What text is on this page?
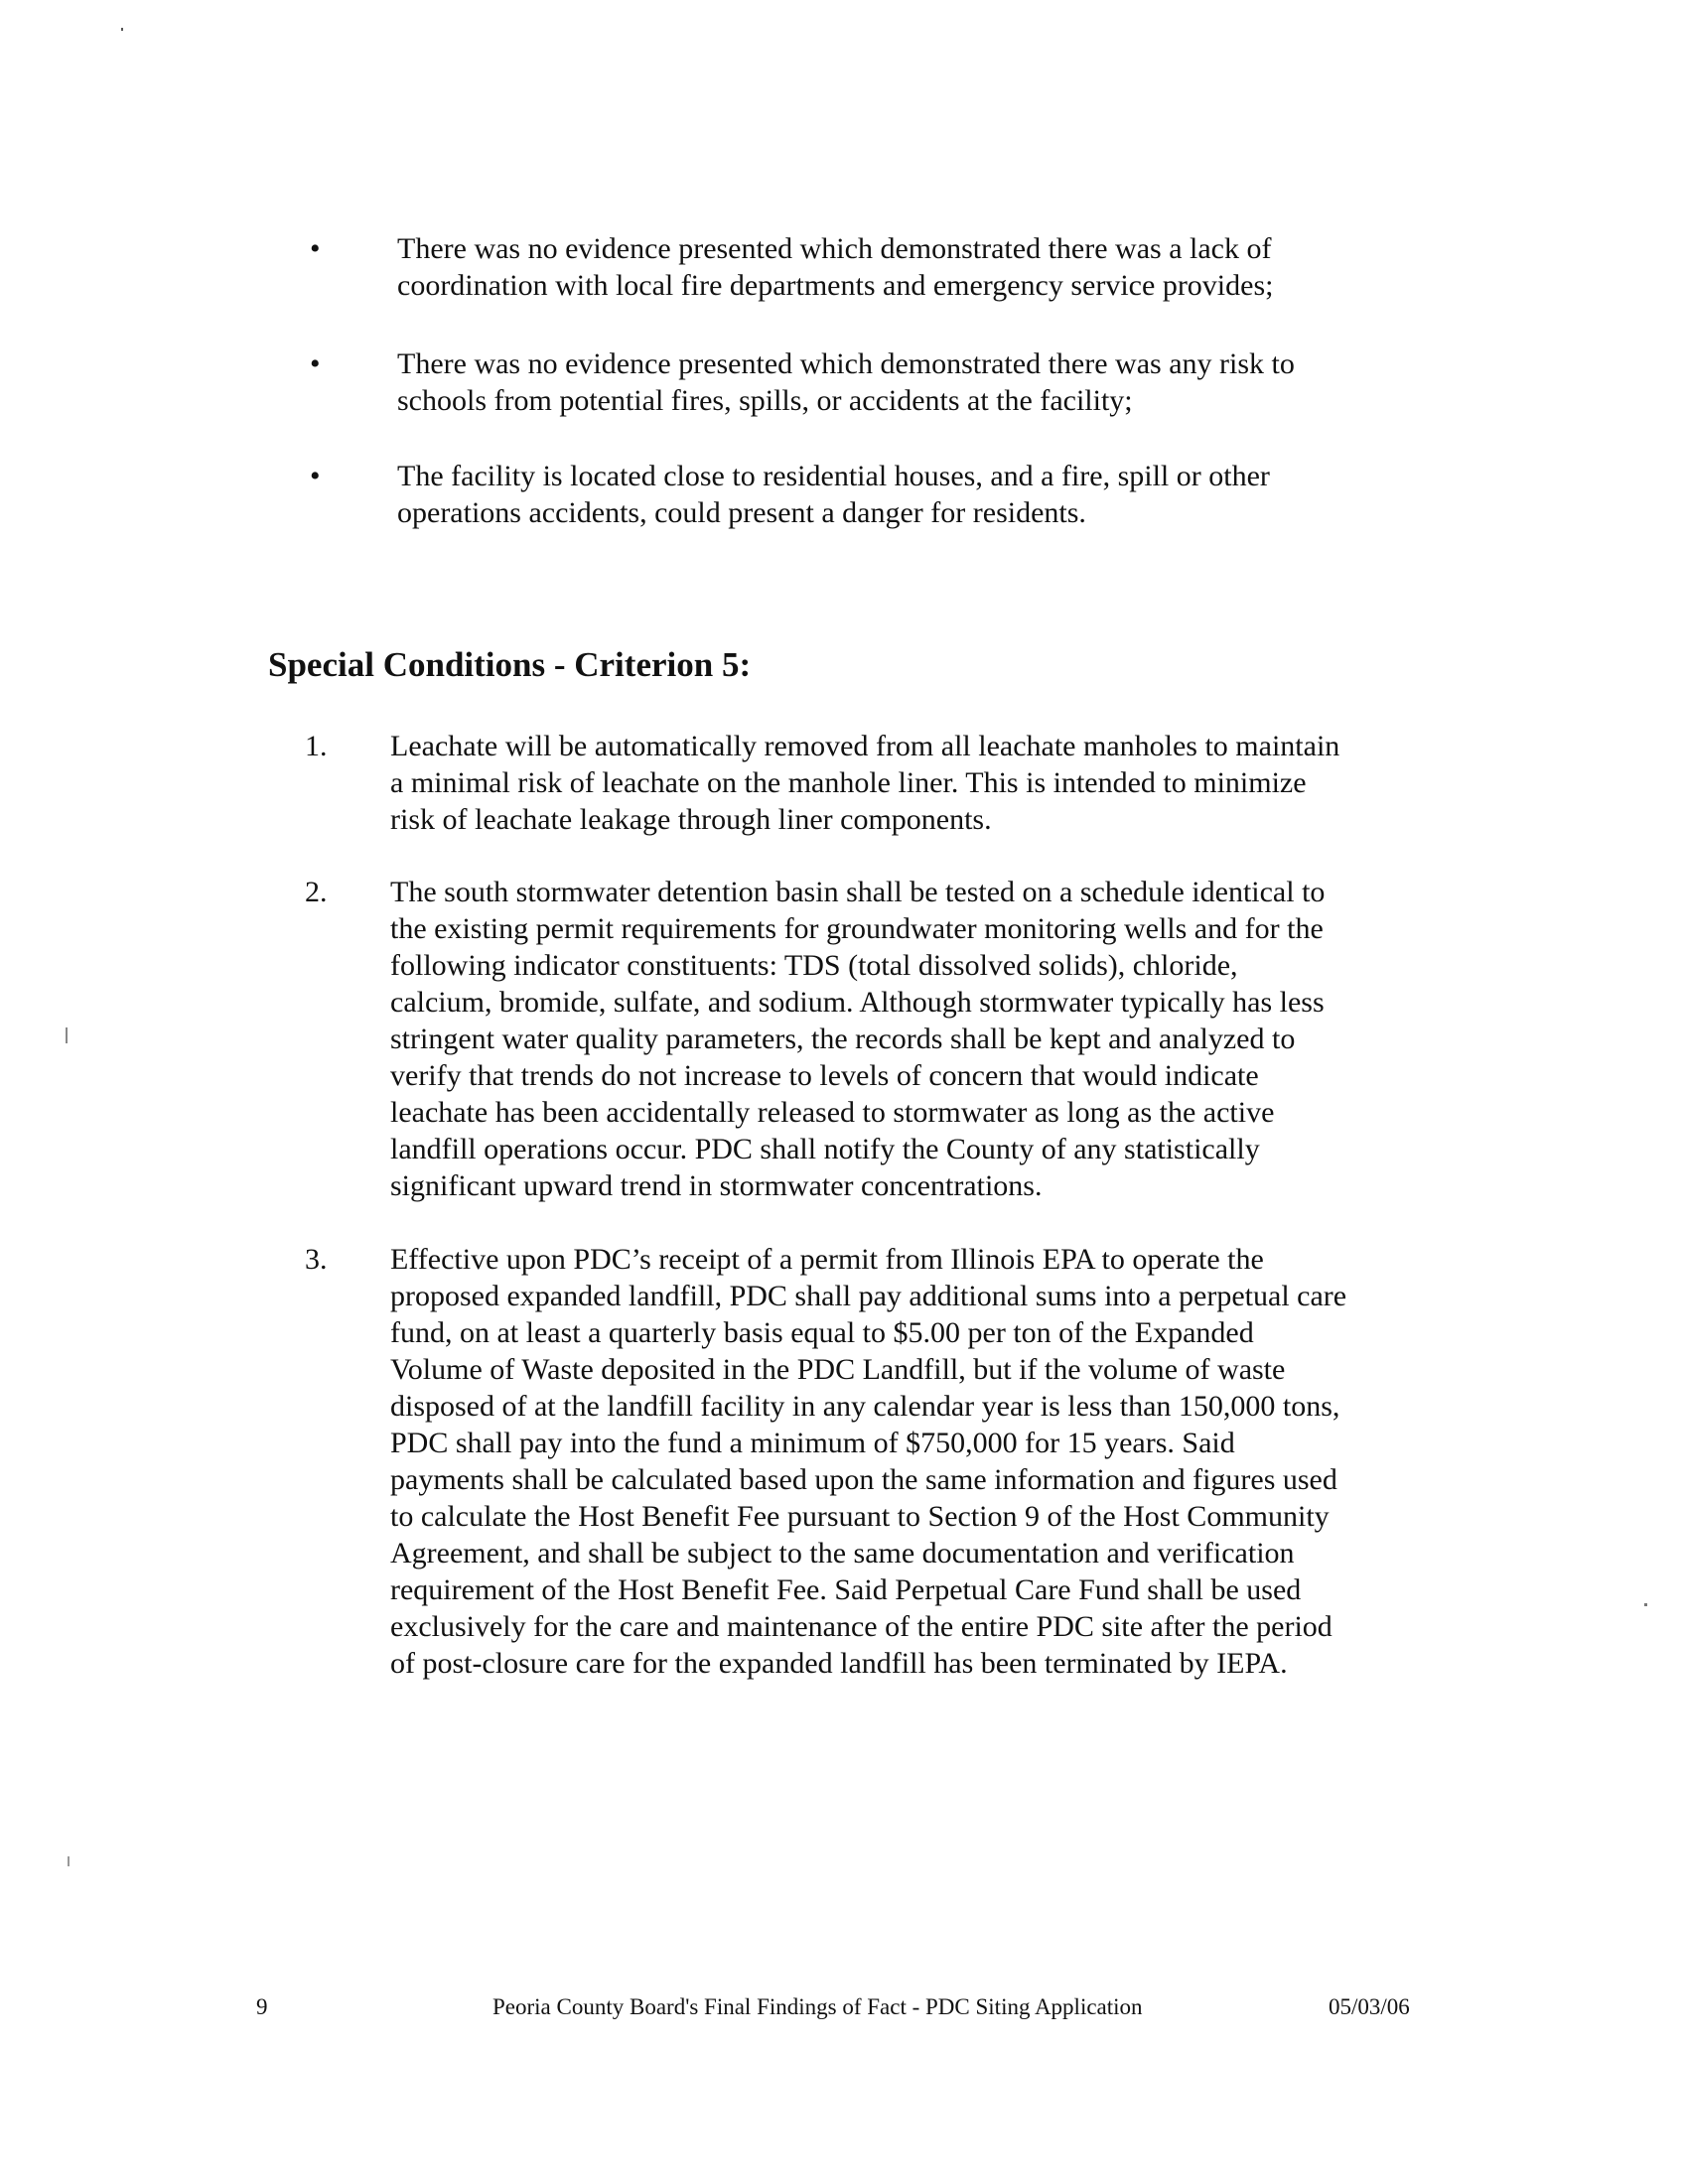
•	There was no evidence presented which demonstrated there was a lack of
coordination with local fire departments and emergency service provides;

•	There was no evidence presented which demonstrated there was any risk to
schools from potential fires, spills, or accidents at the facility;

•	The facility is located close to residential houses, and a fire, spill or other
operations accidents, could present a danger for residents.

Special Conditions - Criterion 5:
1. Leachate will be automatically removed from all leachate manholes to maintain
a minimal risk of leachate on the manhole liner. This is intended to minimize
risk of leachate leakage through liner components.

2. The south stormwater detention basin shall be tested on a schedule identical to
the existing permit requirements for groundwater monitoring wells and for the
following indicator constituents: TDS (total dissolved solids), chloride,
calcium, bromide, sulfate, and sodium. Although stormwater typically has less
stringent water quality parameters, the records shall be kept and analyzed to
verify that trends do not increase to levels of concern that would indicate
leachate has been accidentally released to stormwater as long as the active
landfill operations occur. PDC shall notify the County of any statistically
significant upward trend in stormwater concentrations.

3. Effective upon PDC’s receipt of a permit from Illinois EPA to operate the
proposed expanded landfill, PDC shall pay additional sums into a perpetual care
fund, on at least a quarterly basis equal to $5.00 per ton of the Expanded
Volume of Waste deposited in the PDC Landfill, but if the volume of waste
disposed of at the landfill facility in any calendar year is less than 150,000 tons,
PDC shall pay into the fund a minimum of $750,000 for 15 years. Said
payments shall be calculated based upon the same information and figures used
to calculate the Host Benefit Fee pursuant to Section 9 of the Host Community
Agreement, and shall be subject to the same documentation and verification
requirement of the Host Benefit Fee. Said Perpetual Care Fund shall be used
exclusively for the care and maintenance of the entire PDC site after the period
of post-closure care for the expanded landfill has been terminated by IEPA.

9	Peoria County Board's Final Findings of Fact - PDC Siting Application	05/03/06
